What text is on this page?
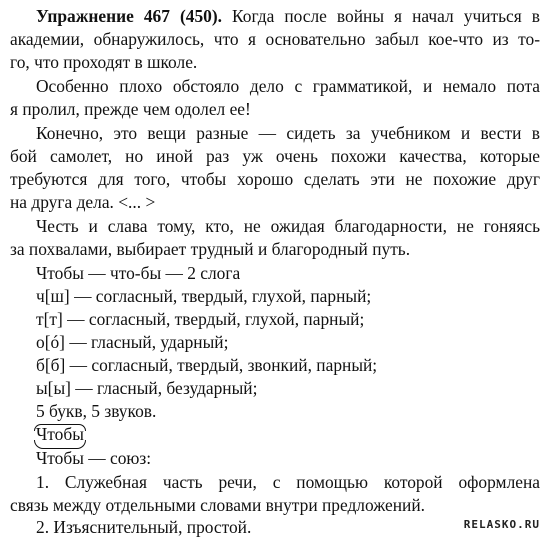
Упражнение 467 (450). Когда после войны я начал учиться в
академии, обнаружилось, что я основательно забыл кое-что из то-
го, что проходят в школе.
Особенно плохо обстояло дело с грамматикой, и немало пота
я пролил, прежде чем одолел ее!
Конечно, это вещи разные — сидеть за учебником и вести в
бой самолет, но иной раз уж очень похожи качества, которые
требуются для того, чтобы хорошо сделать эти не похожие друг
на друга дела. <... >
Честь и слава тому, кто, не ожидая благодарности, не гоняясь
за похвалами, выбирает трудный и благородный путь.
Чтобы — что-бы — 2 слога
ч[ш] — согласный, твердый, глухой, парный;
т[т] — согласный, твердый, глухой, парный;
о[ó] — гласный, ударный;
б[б] — согласный, твердый, звонкий, парный;
ы[ы] — гласный, безударный;
5 букв, 5 звуков.
Чтобы
Чтобы — союз:
1. Служебная часть речи, с помощью которой оформлена
связь между отдельными словами внутри предложений.
2. Изъяснительный, простой.	RELASKO.RU
